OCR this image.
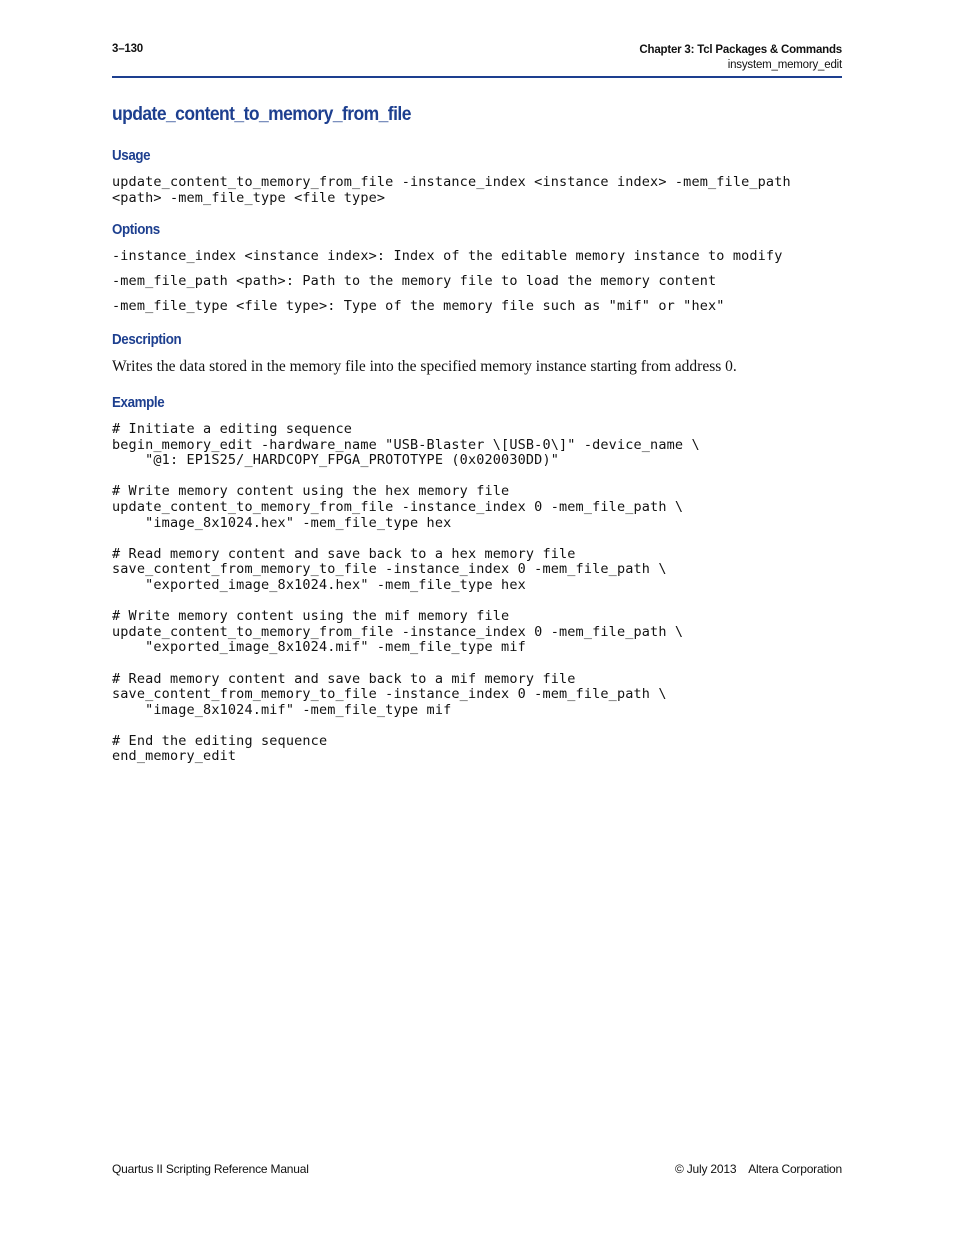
3–130	Chapter 3: Tcl Packages & Commands
insystem_memory_edit
update_content_to_memory_from_file
Usage
update_content_to_memory_from_file -instance_index <instance index> -mem_file_path
<path> -mem_file_type <file type>
Options
-instance_index <instance index>: Index of the editable memory instance to modify
-mem_file_path <path>: Path to the memory file to load the memory content
-mem_file_type <file type>: Type of the memory file such as "mif" or "hex"
Description

Writes the data stored in the memory file into the specified memory instance starting from address 0.

Example
# Initiate a editing sequence
begin_memory_edit -hardware_name "USB-Blaster \[USB-0\]" -device_name \
"@1: EP1S25/_HARDCOPY_FPGA_PROTOTYPE (0x020030DD)"

# Write memory content using the hex memory file
update_content_to_memory_from_file -instance_index 0 -mem_file_path \
"image_8x1024.hex" -mem_file_type hex

# Read memory content and save back to a hex memory file
save_content_from_memory_to_file -instance_index 0 -mem_file_path \
"exported_image_8x1024.hex" -mem_file_type hex

# Write memory content using the mif memory file
update_content_to_memory_from_file -instance_index 0 -mem_file_path \
"exported_image_8x1024.mif" -mem_file_type mif

# Read memory content and save back to a mif memory file
save_content_from_memory_to_file -instance_index 0 -mem_file_path \
"image_8x1024.mif" -mem_file_type mif

# End the editing sequence
end_memory_edit
Quartus II Scripting Reference Manual	© July 2013 Altera Corporation
